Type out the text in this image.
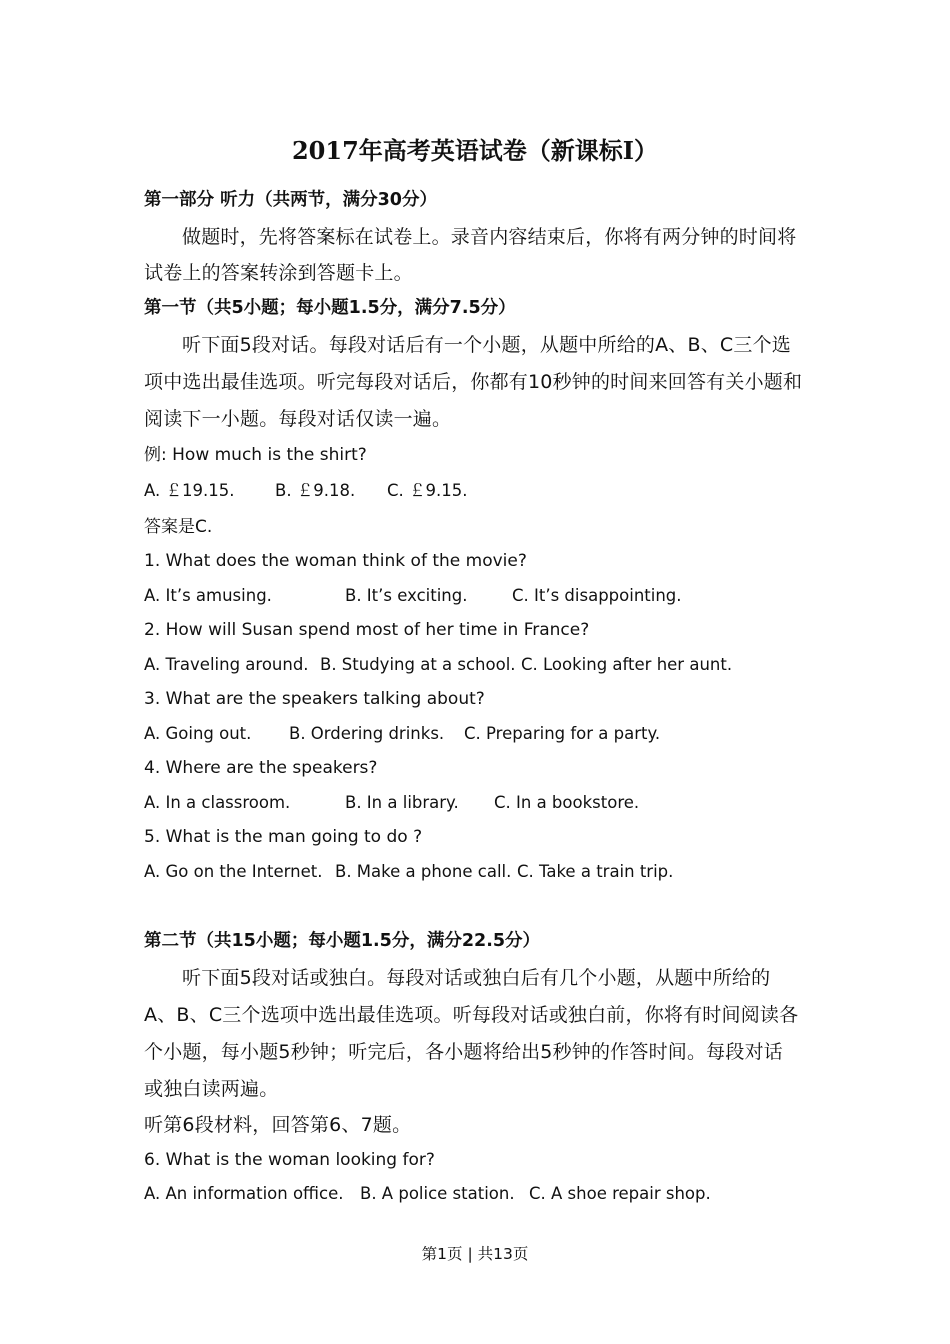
2017年高考英语试卷（新课标Ⅰ）
第一部分 听力（共两节，满分30分）
做题时，先将答案标在试卷上。录音内容结束后，你将有两分钟的时间将
试卷上的答案转涂到答题卡上。
第一节（共5小题；每小题1.5分，满分7.5分）
听下面5段对话。每段对话后有一个小题，从题中所给的A、B、C三个选
项中选出最佳选项。听完每段对话后，你都有10秒钟的时间来回答有关小题和
阅读下一小题。每段对话仅读一遍。
例: How much is the shirt?
A. ￡19.15. B. ￡9.18. C. ￡9.15.
答案是C.
1. What does the woman think of the movie?
A. It’s amusing.	B. It’s exciting.	C. It’s disappointing.
2. How will Susan spend most of her time in France?
A. Traveling around. B. Studying at a school. C. Looking after her aunt.
3. What are the speakers talking about?
A. Going out. B. Ordering drinks. C. Preparing for a party.
4. Where are the speakers?
A. In a classroom.	B. In a library. C. In a bookstore.
5. What is the man going to do ?
A. Go on the Internet. B. Make a phone call. C. Take a train trip.
第二节（共15小题；每小题1.5分，满分22.5分）
听下面5段对话或独白。每段对话或独白后有几个小题，从题中所给的
A、B、C三个选项中选出最佳选项。听每段对话或独白前，你将有时间阅读各
个小题，每小题5秒钟；听完后，各小题将给出5秒钟的作答时间。每段对话
或独白读两遍。
听第6段材料，回答第6、7题。
6. What is the woman looking for?
A. An information office. B. A police station. C. A shoe repair shop.
第1页 | 共13页
